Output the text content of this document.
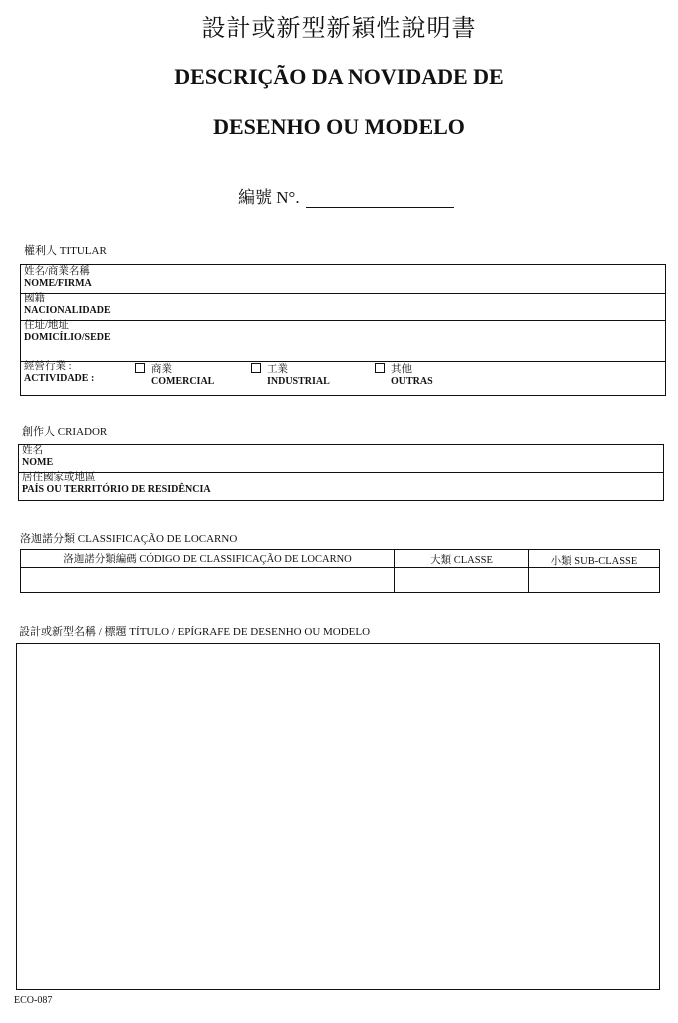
設計或新型新穎性說明書
DESCRIÇÃO DA NOVIDADE DE
DESENHO OU MODELO
編號 N°.
權利人 TITULAR
姓名/商業名稱
NOME/FIRMA
國籍
NACIONALIDADE
住址/地址
DOMICÍLIO/SEDE
經營行業 :
ACTIVIDADE :
商業
COMERCIAL
工業
INDUSTRIAL
其他
OUTRAS
創作人 CRIADOR
姓名
NOME
居住國家或地區
PAÍS OU TERRITÓRIO DE RESIDÊNCIA
洛迦諾分類 CLASSIFICAÇÃO DE LOCARNO
洛迦諾分類編碼 CÓDIGO DE CLASSIFICAÇÃO DE LOCARNO	大類 CLASSE	小類 SUB-CLASSE
設計或新型名稱 / 標題 TÍTULO / EPÍGRAFE DE DESENHO OU MODELO
ECO-087
